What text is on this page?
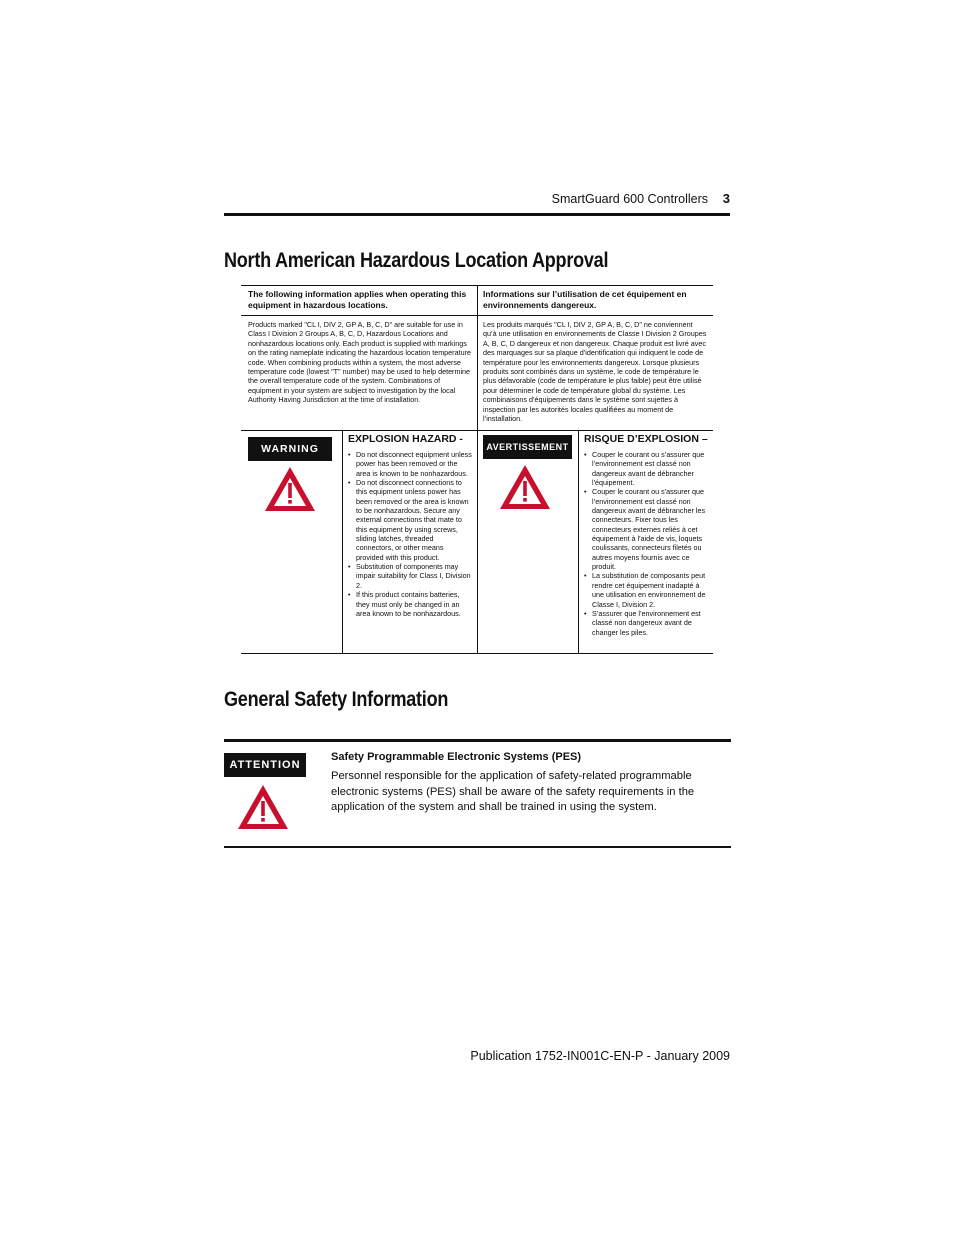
SmartGuard 600 Controllers 3
North American Hazardous Location Approval
The following information applies when operating this equipment in hazardous locations.
Informations sur l’utilisation de cet équipement en environnements dangereux.
Products marked "CL I, DIV 2, GP A, B, C, D" are suitable for use in Class I Division 2 Groups A, B, C, D, Hazardous Locations and nonhazardous locations only. Each product is supplied with markings on the rating nameplate indicating the hazardous location temperature code. When combining products within a system, the most adverse temperature code (lowest "T" number) may be used to help determine the overall temperature code of the system. Combinations of equipment in your system are subject to investigation by the local Authority Having Jurisdiction at the time of installation.
Les produits marqués "CL I, DIV 2, GP A, B, C, D" ne conviennent qu’à une utilisation en environnements de Classe I Division 2 Groupes A, B, C, D dangereux et non dangereux. Chaque produit est livré avec des marquages sur sa plaque d’identification qui indiquent le code de température pour les environnements dangereux. Lorsque plusieurs produits sont combinés dans un système, le code de température le plus défavorable (code de température le plus faible) peut être utilisé pour déterminer le code de température global du système. Les combinaisons d’équipements dans le système sont sujettes à inspection par les autorités locales qualifiées au moment de l’installation.
WARNING
EXPLOSION HAZARD -
• Do not disconnect equipment unless power has been removed or the area is known to be nonhazardous.
• Do not disconnect connections to this equipment unless power has been removed or the area is known to be nonhazardous. Secure any external connections that mate to this equipment by using screws, sliding latches, threaded connectors, or other means provided with this product.
• Substitution of components may impair suitability for Class I, Division 2.
• If this product contains batteries, they must only be changed in an area known to be nonhazardous.
AVERTISSEMENT
RISQUE D’EXPLOSION –
• Couper le courant ou s’assurer que l’environnement est classé non dangereux avant de débrancher l'équipement.
• Couper le courant ou s'assurer que l’environnement est classé non dangereux avant de débrancher les connecteurs. Fixer tous les connecteurs externes reliés à cet équipement à l'aide de vis, loquets coulissants, connecteurs filetés ou autres moyens fournis avec ce produit.
• La substitution de composants peut rendre cet équipement inadapté à une utilisation en environnement de Classe I, Division 2.
• S’assurer que l’environnement est classé non dangereux avant de changer les piles.
General Safety Information
ATTENTION
Safety Programmable Electronic Systems (PES)
Personnel responsible for the application of safety-related programmable electronic systems (PES) shall be aware of the safety requirements in the application of the system and shall be trained in using the system.
Publication 1752-IN001C-EN-P - January 2009
